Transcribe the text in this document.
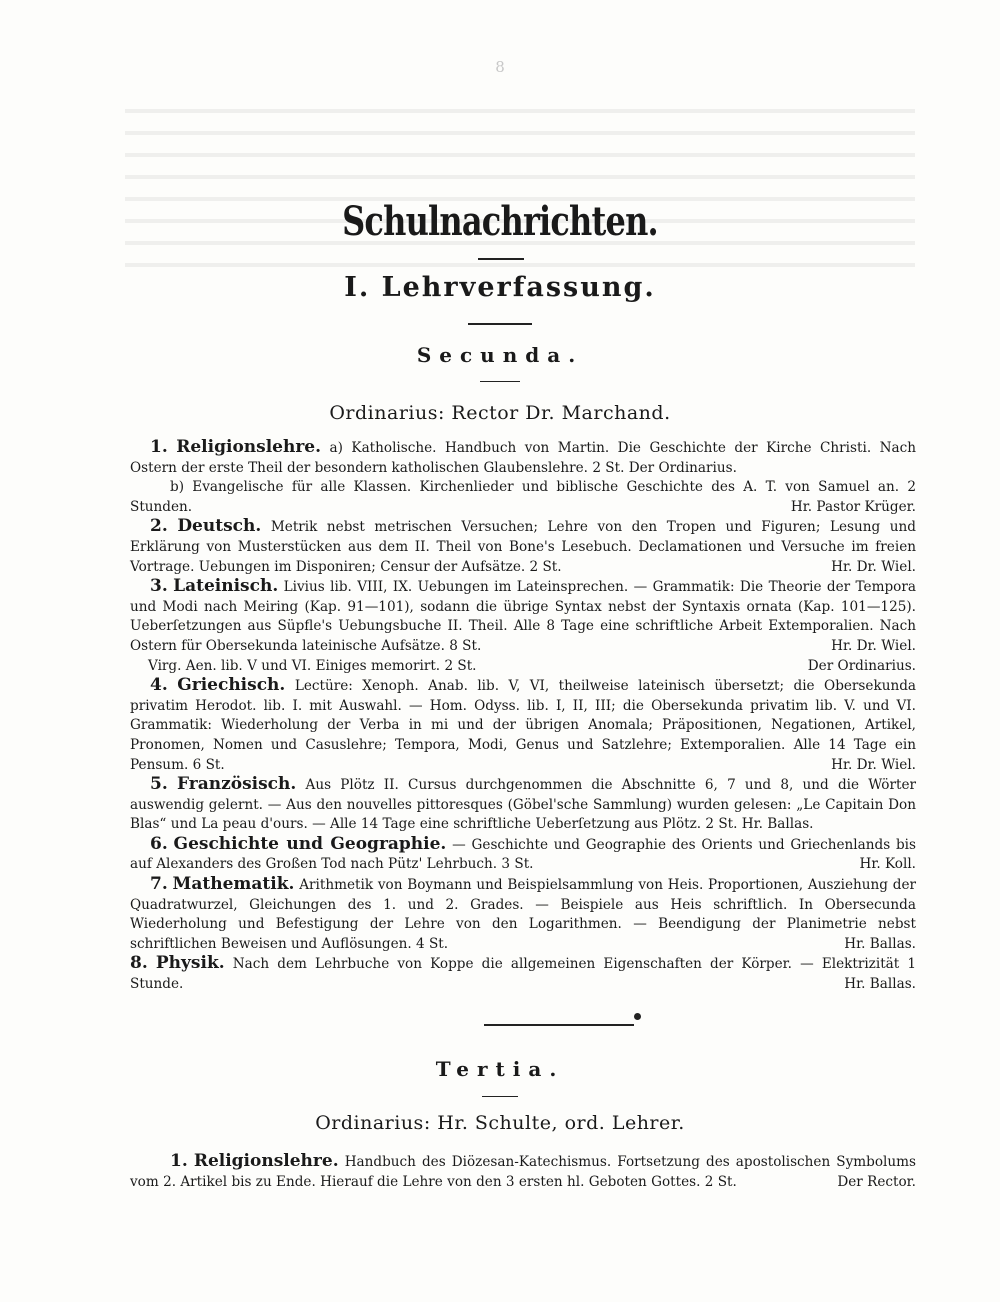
8
Schulnachrichten.
I. Lehrverfassung.
Secunda.
Ordinarius: Rector Dr. Marchand.

1. Religionslehre. a) Katholische. Handbuch von Martin. Die Geschichte der Kirche Christi. Nach Ostern der erste Theil der besondern katholischen Glaubenslehre. 2 St. Der Ordinarius.

b) Evangelische für alle Klassen. Kirchenlieder und biblische Geschichte des A. T. von Samuel an. 2 Stunden.	Hr. Pastor Krüger.

2. Deutsch. Metrik nebst metrischen Versuchen; Lehre von den Tropen und Figuren; Lesung und Erklärung von Musterstücken aus dem II. Theil von Bone's Lesebuch. Declamationen und Versuche im freien Vortrage. Uebungen im Disponiren; Censur der Aufsätze. 2 St.	Hr. Dr. Wiel.

3. Lateinisch. Livius lib. VIII, IX. Uebungen im Lateinsprechen. — Grammatik: Die Theorie der Tempora und Modi nach Meiring (Kap. 91—101), sodann die übrige Syntax nebst der Syntaxis ornata (Kap. 101—125). Ueberſetzungen aus Süpfle's Uebungsbuche II. Theil. Alle 8 Tage eine schriftliche Arbeit Extemporalien. Nach Ostern für Obersekunda lateinische Aufsätze. 8 St.	Hr. Dr. Wiel.

Virg. Aen. lib. V und VI. Einiges memorirt. 2 St.	Der Ordinarius.

4. Griechisch. Lectüre: Xenoph. Anab. lib. V, VI, theilweise lateinisch übersetzt; die Obersekunda privatim Herodot. lib. I. mit Auswahl. — Hom. Odyss. lib. I, II, III; die Obersekunda privatim lib. V. und VI. Grammatik: Wiederholung der Verba in mi und der übrigen Anomala; Präpositionen, Negationen, Artikel, Pronomen, Nomen und Casuslehre; Tempora, Modi, Genus und Satzlehre; Extemporalien. Alle 14 Tage ein Pensum. 6 St.	Hr. Dr. Wiel.

5. Französisch. Aus Plötz II. Cursus durchgenommen die Abschnitte 6, 7 und 8, und die Wörter auswendig gelernt. — Aus den nouvelles pittoresques (Göbel'sche Sammlung) wurden gelesen: „Le Capitain Don Blas“ und La peau d'ours. — Alle 14 Tage eine schriftliche Ueberſetzung aus Plötz. 2 St. Hr. Ballas.

6. Geschichte und Geographie. — Geschichte und Geographie des Orients und Griechenlands bis auf Alexanders des Großen Tod nach Pütz' Lehrbuch. 3 St.	Hr. Koll.

7. Mathematik. Arithmetik von Boymann und Beispielsammlung von Heis. Proportionen, Ausziehung der Quadratwurzel, Gleichungen des 1. und 2. Grades. — Beispiele aus Heis schriftlich. In Obersecunda Wiederholung und Befestigung der Lehre von den Logarithmen. — Beendigung der Planimetrie nebst schriftlichen Beweisen und Auflösungen. 4 St.	Hr. Ballas.

8. Physik. Nach dem Lehrbuche von Koppe die allgemeinen Eigenschaften der Körper. — Elektrizität 1 Stunde.	Hr. Ballas.

Tertia.
Ordinarius: Hr. Schulte, ord. Lehrer.

1. Religionslehre. Handbuch des Diözesan-Katechismus. Fortsetzung des apostolischen Symbolums vom 2. Artikel bis zu Ende. Hierauf die Lehre von den 3 ersten hl. Geboten Gottes. 2 St.	Der Rector.
